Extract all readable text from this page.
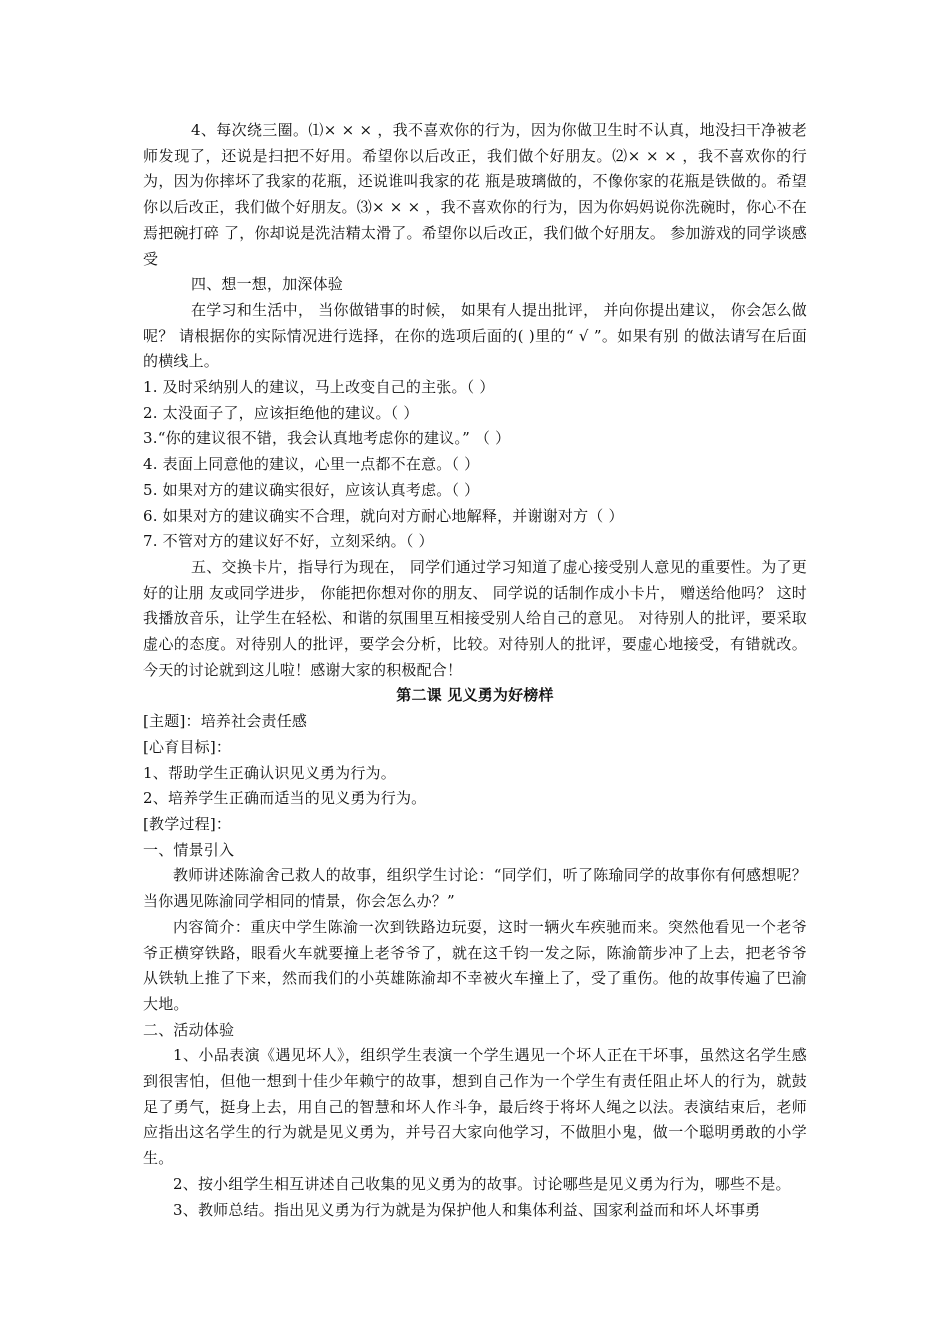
4、每次绕三圈。⑴× × × ，我不喜欢你的行为，因为你做卫生时不认真，地没扫干净被老 师发现了，还说是扫把不好用。希望你以后改正，我们做个好朋友。⑵× × × ，我不喜欢你的行为，因为你摔坏了我家的花瓶，还说谁叫我家的花 瓶是玻璃做的，不像你家的花瓶是铁做的。希望你以后改正，我们做个好朋友。⑶× × × ，我不喜欢你的行为，因为你妈妈说你洗碗时，你心不在焉把碗打碎 了，你却说是洗洁精太滑了。希望你以后改正，我们做个好朋友。 参加游戏的同学谈感受

四、想一想，加深体验

在学习和生活中， 当你做错事的时候， 如果有人提出批评， 并向你提出建议， 你会怎么做呢？ 请根据你的实际情况进行选择，在你的选项后面的( )里的“ √ ”。如果有别 的做法请写在后面的横线上。

1. 及时采纳别人的建议，马上改变自己的主张。（ ）

2. 太没面子了，应该拒绝他的建议。（ ）

3.“你的建议很不错，我会认真地考虑你的建议。” （ ）

4. 表面上同意他的建议，心里一点都不在意。（ ）

5. 如果对方的建议确实很好，应该认真考虑。（ ）

6. 如果对方的建议确实不合理，就向对方耐心地解释，并谢谢对方（ ）

7. 不管对方的建议好不好，立刻采纳。（ ）

五、交换卡片，指导行为现在， 同学们通过学习知道了虚心接受别人意见的重要性。为了更好的让朋 友或同学进步， 你能把你想对你的朋友、 同学说的话制作成小卡片， 赠送给他吗？ 这时我播放音乐，让学生在轻松、和谐的氛围里互相接受别人给自己的意见。 对待别人的批评，要采取虚心的态度。对待别人的批评，要学会分析，比较。对待别人的批评，要虚心地接受，有错就改。 今天的讨论就到这儿啦！感谢大家的积极配合！

第二课 见义勇为好榜样

[主题]：培养社会责任感

[心育目标]：

1、帮助学生正确认识见义勇为行为。

2、培养学生正确而适当的见义勇为行为。

[教学过程]：

一、情景引入

教师讲述陈渝舍己救人的故事，组织学生讨论：“同学们，听了陈瑜同学的故事你有何感想呢？当你遇见陈渝同学相同的情景，你会怎么办？”

内容简介：重庆中学生陈渝一次到铁路边玩耍，这时一辆火车疾驰而来。突然他看见一个老爷爷正横穿铁路，眼看火车就要撞上老爷爷了，就在这千钧一发之际，陈渝箭步冲了上去，把老爷爷从铁轨上推了下来，然而我们的小英雄陈渝却不幸被火车撞上了，受了重伤。他的故事传遍了巴渝大地。

二、活动体验

1、小品表演《遇见坏人》，组织学生表演一个学生遇见一个坏人正在干坏事，虽然这名学生感到很害怕，但他一想到十佳少年赖宁的故事，想到自己作为一个学生有责任阻止坏人的行为，就鼓足了勇气，挺身上去，用自己的智慧和坏人作斗争，最后终于将坏人绳之以法。表演结束后，老师应指出这名学生的行为就是见义勇为，并号召大家向他学习，不做胆小鬼，做一个聪明勇敢的小学生。

2、按小组学生相互讲述自己收集的见义勇为的故事。讨论哪些是见义勇为行为，哪些不是。

3、教师总结。指出见义勇为行为就是为保护他人和集体利益、国家利益而和坏人坏事勇
